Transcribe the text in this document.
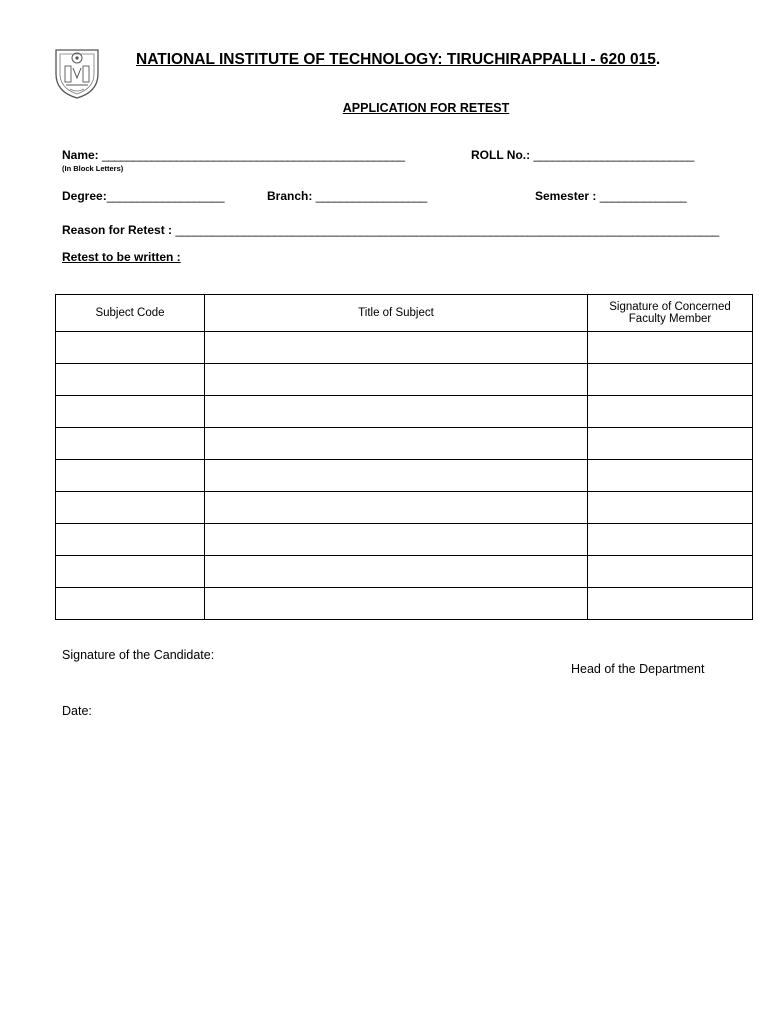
NATIONAL INSTITUTE OF TECHNOLOGY: TIRUCHIRAPPALLI - 620 015.
APPLICATION FOR RETEST
Name: _________________________________________________
(In Block Letters)
ROLL No.: __________________________
Degree:___________________	Branch: __________________	Semester : ______________
Reason for Retest : ________________________________________________________________________________________
Retest to be written :
Subject Code	Title of Subject	Signature of Concerned Faculty Member

Signature of the Candidate:
Head of the Department
Date:
